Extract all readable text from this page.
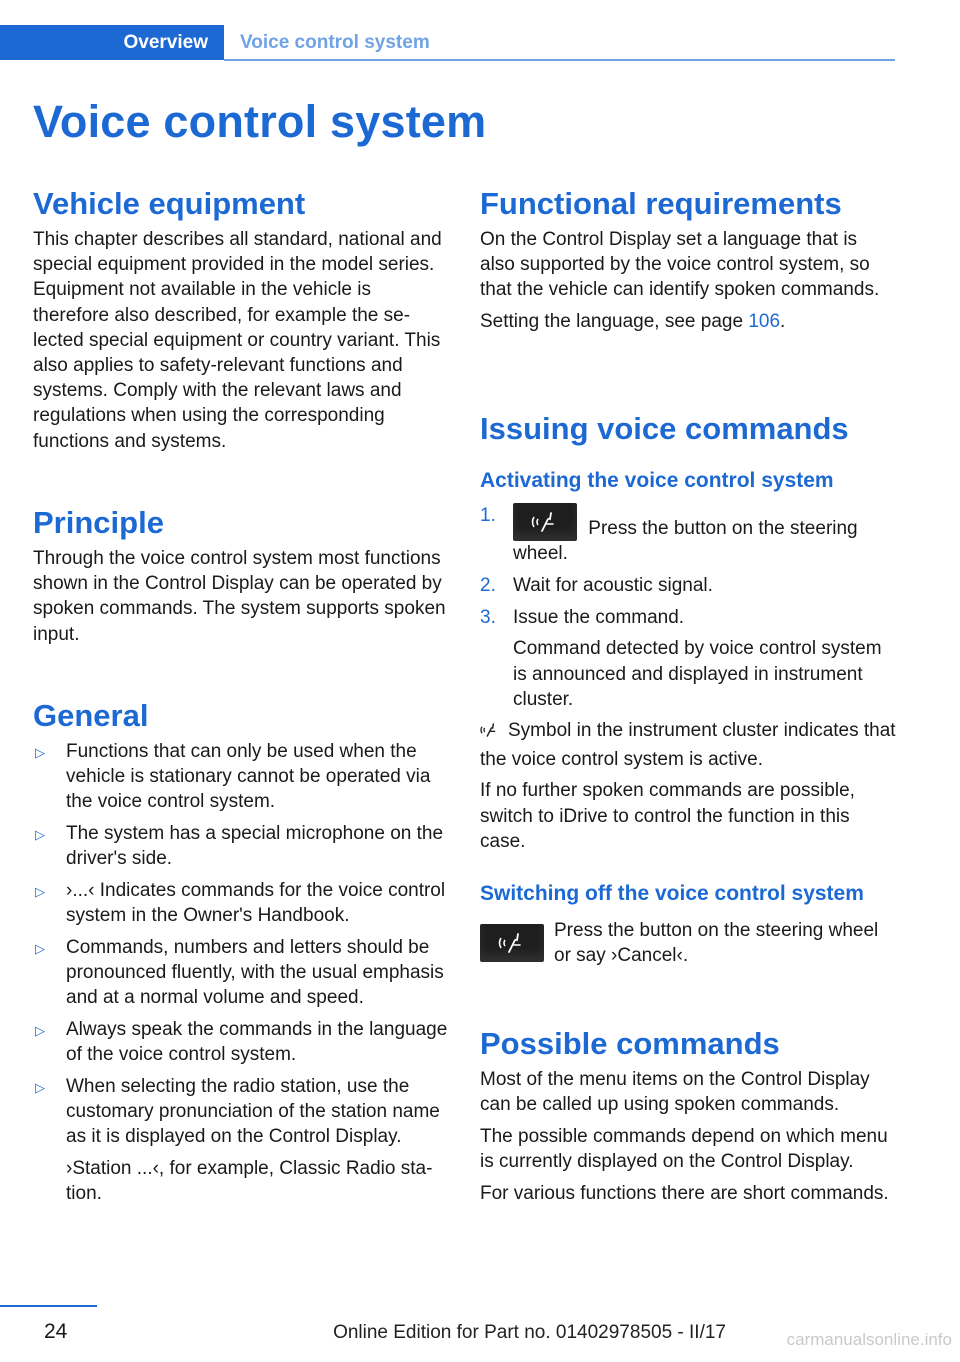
Overview	Voice control system
Voice control system
Vehicle equipment

This chapter describes all standard, national and special equipment provided in the model series. Equipment not available in the vehicle is therefore also described, for example the selected special equipment or country variant. This also applies to safety-relevant functions and systems. Comply with the relevant laws and regulations when using the corresponding functions and systems.

Principle

Through the voice control system most functions shown in the Control Display can be operated by spoken commands. The system supports spoken input.

General
▷ Functions that can only be used when the vehicle is stationary cannot be operated via the voice control system.
▷ The system has a special microphone on the driver's side.
▷ ›...‹ Indicates commands for the voice control system in the Owner's Handbook.
▷ Commands, numbers and letters should be pronounced fluently, with the usual emphasis and at a normal volume and speed.
▷ Always speak the commands in the language of the voice control system.
▷ When selecting the radio station, use the customary pronunciation of the station name as it is displayed on the Control Display.
›Station ...‹, for example, Classic Radio station.
Functional requirements

On the Control Display set a language that is also supported by the voice control system, so that the vehicle can identify spoken commands.

Setting the language, see page 106.

Issuing voice commands
Activating the voice control system
1.
Press the button on the steering wheel.
2. Wait for acoustic signal.
3. Issue the command.
Command detected by voice control system is announced and displayed in instrument cluster.

Symbol in the instrument cluster indicates that the voice control system is active.

If no further spoken commands are possible, switch to iDrive to control the function in this case.

Switching off the voice control system

Press the button on the steering wheel or say ›Cancel‹.

Possible commands

Most of the menu items on the Control Display can be called up using spoken commands.

The possible commands depend on which menu is currently displayed on the Control Display.

For various functions there are short commands.

24	Online Edition for Part no. 01402978505 - II/17	carmanualsonline.info
